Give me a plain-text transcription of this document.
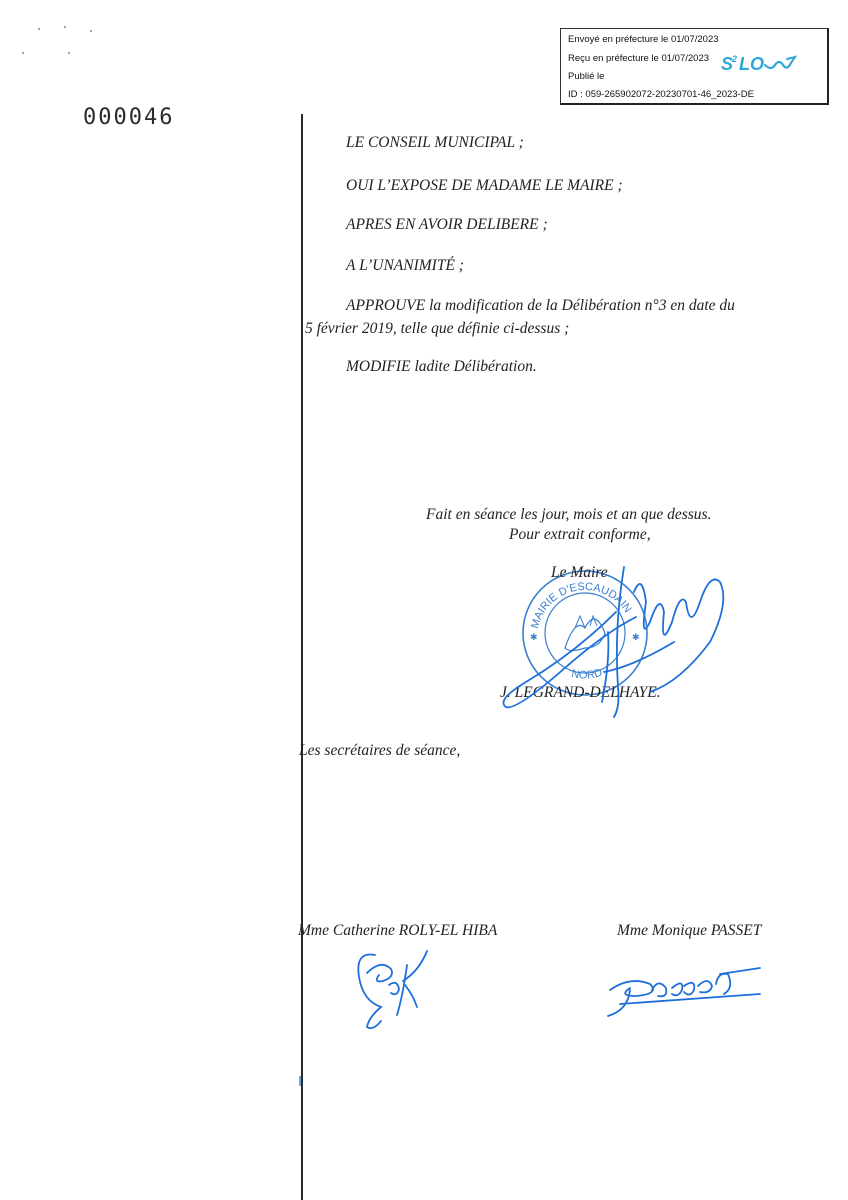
Envoyé en préfecture le 01/07/2023
Reçu en préfecture le 01/07/2023
Publié le
ID : 059-265902072-20230701-46_2023-DE
S
2 LO
000046
LE CONSEIL MUNICIPAL ;
OUI L’EXPOSE DE MADAME LE MAIRE ;
APRES EN AVOIR DELIBERE ;
A L’UNANIMITÉ ;
APPROUVE la modification de la Délibération n°3 en date du
5 février 2019, telle que définie ci-dessus ;
MODIFIE ladite Délibération.
Fait en séance les jour, mois et an que dessus.
Pour extrait conforme,
MAIRIE D’ESCAUDAIN
NORD
✱	✱
Le Maire
J. LEGRAND-DELHAYE.
Les secrétaires de séance,
Mme Catherine ROLY-EL HIBA	Mme Monique PASSET
